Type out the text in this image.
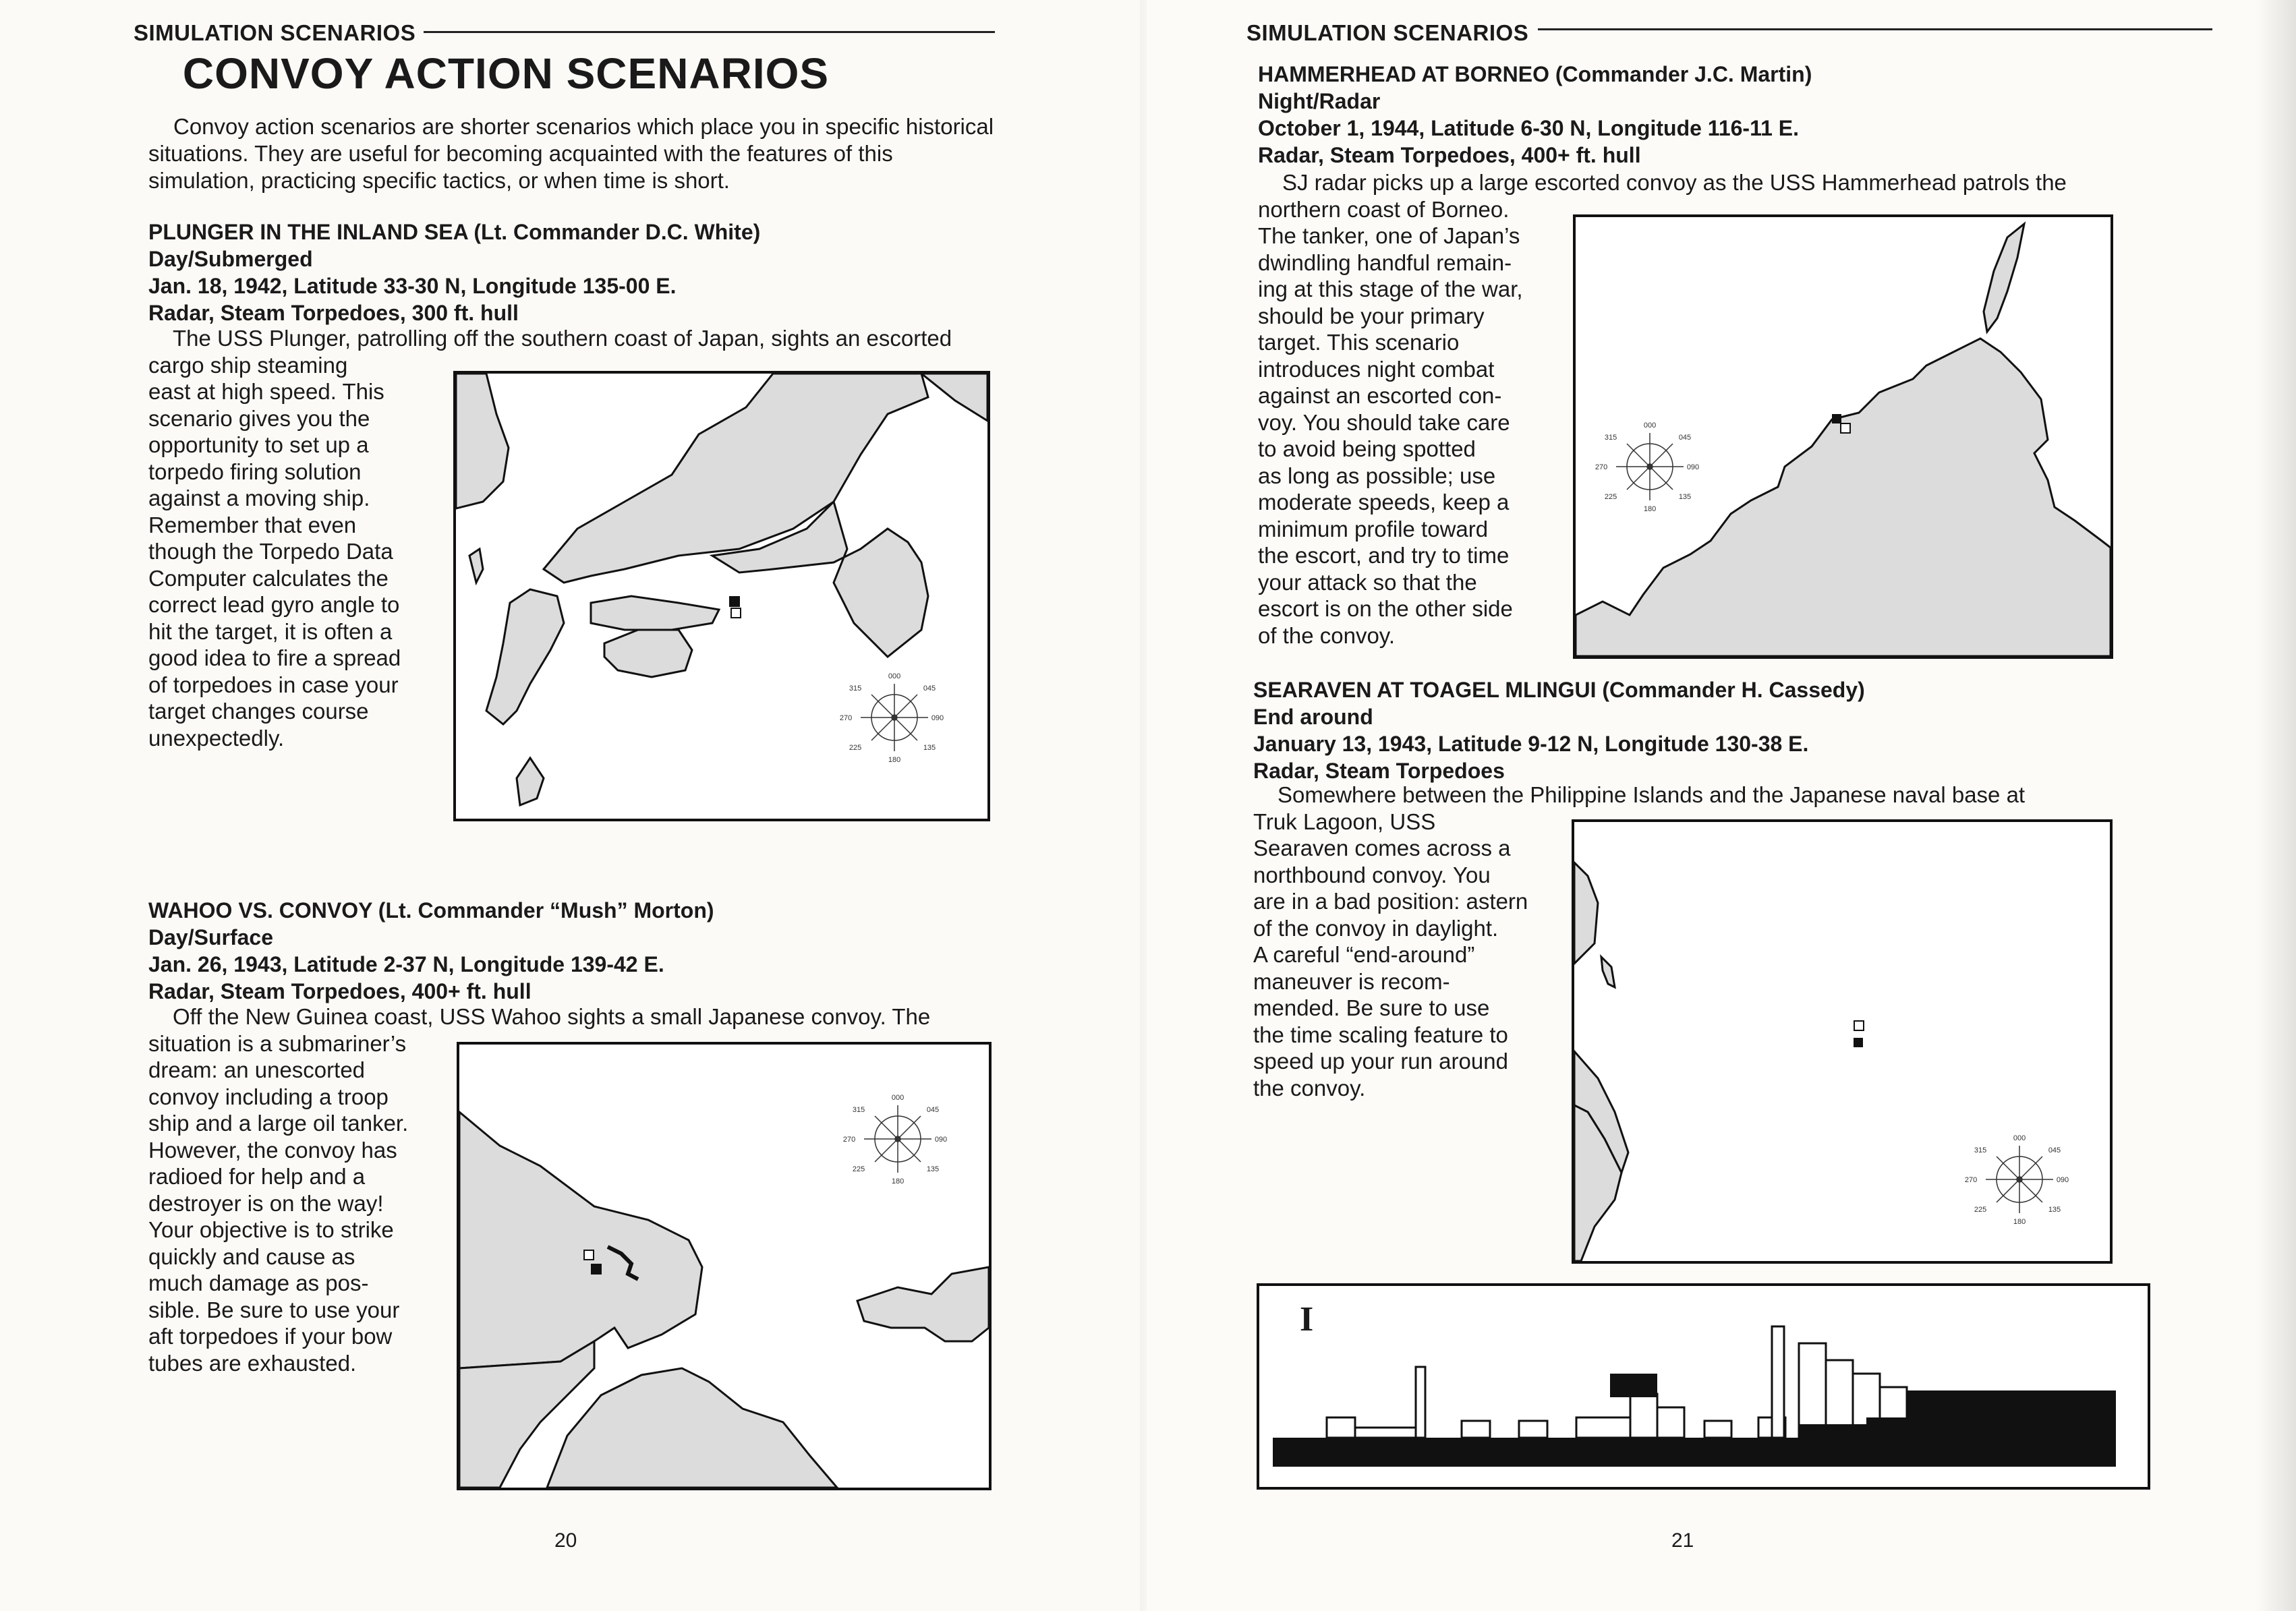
SIMULATION SCENARIOS
CONVOY ACTION SCENARIOS
Convoy action scenarios are shorter scenarios which place you in specific historical situations. They are useful for becoming acquainted with the features of this simulation, practicing specific tactics, or when time is short.
PLUNGER IN THE INLAND SEA (Lt. Commander D.C. White)
Day/Submerged
Jan. 18, 1942, Latitude 33-30 N, Longitude 135-00 E.
Radar, Steam Torpedoes, 300 ft. hull
The USS Plunger, patrolling off the southern coast of Japan, sights an escorted
cargo ship steaming
east at high speed. This
scenario gives you the
opportunity to set up a
torpedo firing solution
against a moving ship.
Remember that even
though the Torpedo Data
Computer calculates the
correct lead gyro angle to
hit the target, it is often a
good idea to fire a spread
of torpedoes in case your
target changes course
unexpectedly.
000
045
090
135
180
225
270
315
WAHOO VS. CONVOY (Lt. Commander “Mush” Morton)
Day/Surface
Jan. 26, 1943, Latitude 2-37 N, Longitude 139-42 E.
Radar, Steam Torpedoes, 400+ ft. hull
Off the New Guinea coast, USS Wahoo sights a small Japanese convoy. The
situation is a submariner’s
dream: an unescorted
convoy including a troop
ship and a large oil tanker.
However, the convoy has
radioed for help and a
destroyer is on the way!
Your objective is to strike
quickly and cause as
much damage as pos-
sible. Be sure to use your
aft torpedoes if your bow
tubes are exhausted.
000
045
090
135
180
225
270
315
20
SIMULATION SCENARIOS
HAMMERHEAD AT BORNEO (Commander J.C. Martin)
Night/Radar
October 1, 1944, Latitude 6-30 N, Longitude 116-11 E.
Radar, Steam Torpedoes, 400+ ft. hull
SJ radar picks up a large escorted convoy as the USS Hammerhead patrols the
northern coast of Borneo.
The tanker, one of Japan’s
dwindling handful remain-
ing at this stage of the war,
should be your primary
target. This scenario
introduces night combat
against an escorted con-
voy. You should take care
to avoid being spotted
as long as possible; use
moderate speeds, keep a
minimum profile toward
the escort, and try to time
your attack so that the
escort is on the other side
of the convoy.
000
045
090
135
180
225
270
315
SEARAVEN AT TOAGEL MLINGUI (Commander H. Cassedy)
End around
January 13, 1943, Latitude 9-12 N, Longitude 130-38 E.
Radar, Steam Torpedoes
Somewhere between the Philippine Islands and the Japanese naval base at
Truk Lagoon, USS
Searaven comes across a
northbound convoy. You
are in a bad position: astern
of the convoy in daylight.
A careful “end-around”
maneuver is recom-
mended. Be sure to use
the time scaling feature to
speed up your run around
the convoy.
000
045
090
135
180
225
270
315
I
21
